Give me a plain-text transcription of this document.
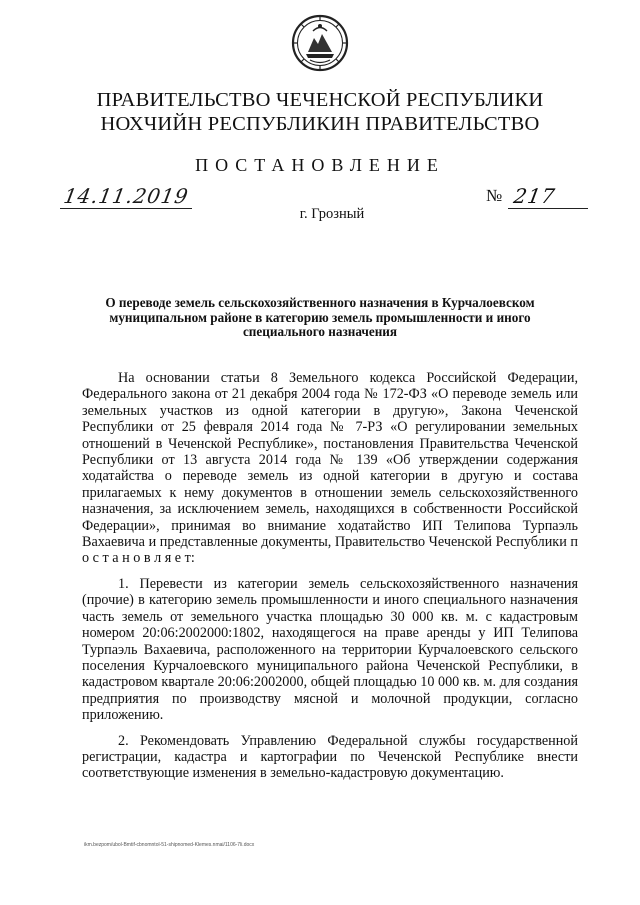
ПРАВИТЕЛЬСТВО ЧЕЧЕНСКОЙ РЕСПУБЛИКИ
НОХЧИЙН РЕСПУБЛИКИН ПРАВИТЕЛЬСТВО
ПОСТАНОВЛЕНИЕ
14.11.2019	№ 217
г. Грозный
О переводе земель сельскохозяйственного назначения в Курчалоевском муниципальном районе в категорию земель промышленности и иного специального назначения

На основании статьи 8 Земельного кодекса Российской Федерации, Федерального закона от 21 декабря 2004 года № 172-ФЗ «О переводе земель или земельных участков из одной категории в другую», Закона Чеченской Республики от 25 февраля 2014 года № 7-РЗ «О регулировании земельных отношений в Чеченской Республике», постановления Правительства Чеченской Республики от 13 августа 2014 года № 139 «Об утверждении содержания ходатайства о переводе земель из одной категории в другую и состава прилагаемых к нему документов в отношении земель сельскохозяйственного назначения, за исключением земель, находящихся в собственности Российской Федерации», принимая во внимание ходатайство ИП Телипова Турпаэль Вахаевича и представленные документы, Правительство Чеченской Республики п о с т а н о в л я е т:

1. Перевести из категории земель сельскохозяйственного назначения (прочие) в категорию земель промышленности и иного специального назначения часть земель от земельного участка площадью 30 000 кв. м. с кадастровым номером 20:06:2002000:1802, находящегося на праве аренды у ИП Телипова Турпаэль Вахаевича, расположенного на территории Курчалоевского сельского поселения Курчалоевского муниципального района Чеченской Республики, в кадастровом квартале 20:06:2002000, общей площадью 10 000 кв. м. для создания предприятия по производству мясной и молочной продукции, согласно приложению.

2. Рекомендовать Управлению Федеральной службы государственной регистрации, кадастра и картографии по Чеченской Республике внести соответствующие изменения в земельно-кадастровую документацию.

ikm.bezpom/ubol-Bmtif-cbnomntol-51-shipnomed-Klemes.nmai/1106-7li.docx
